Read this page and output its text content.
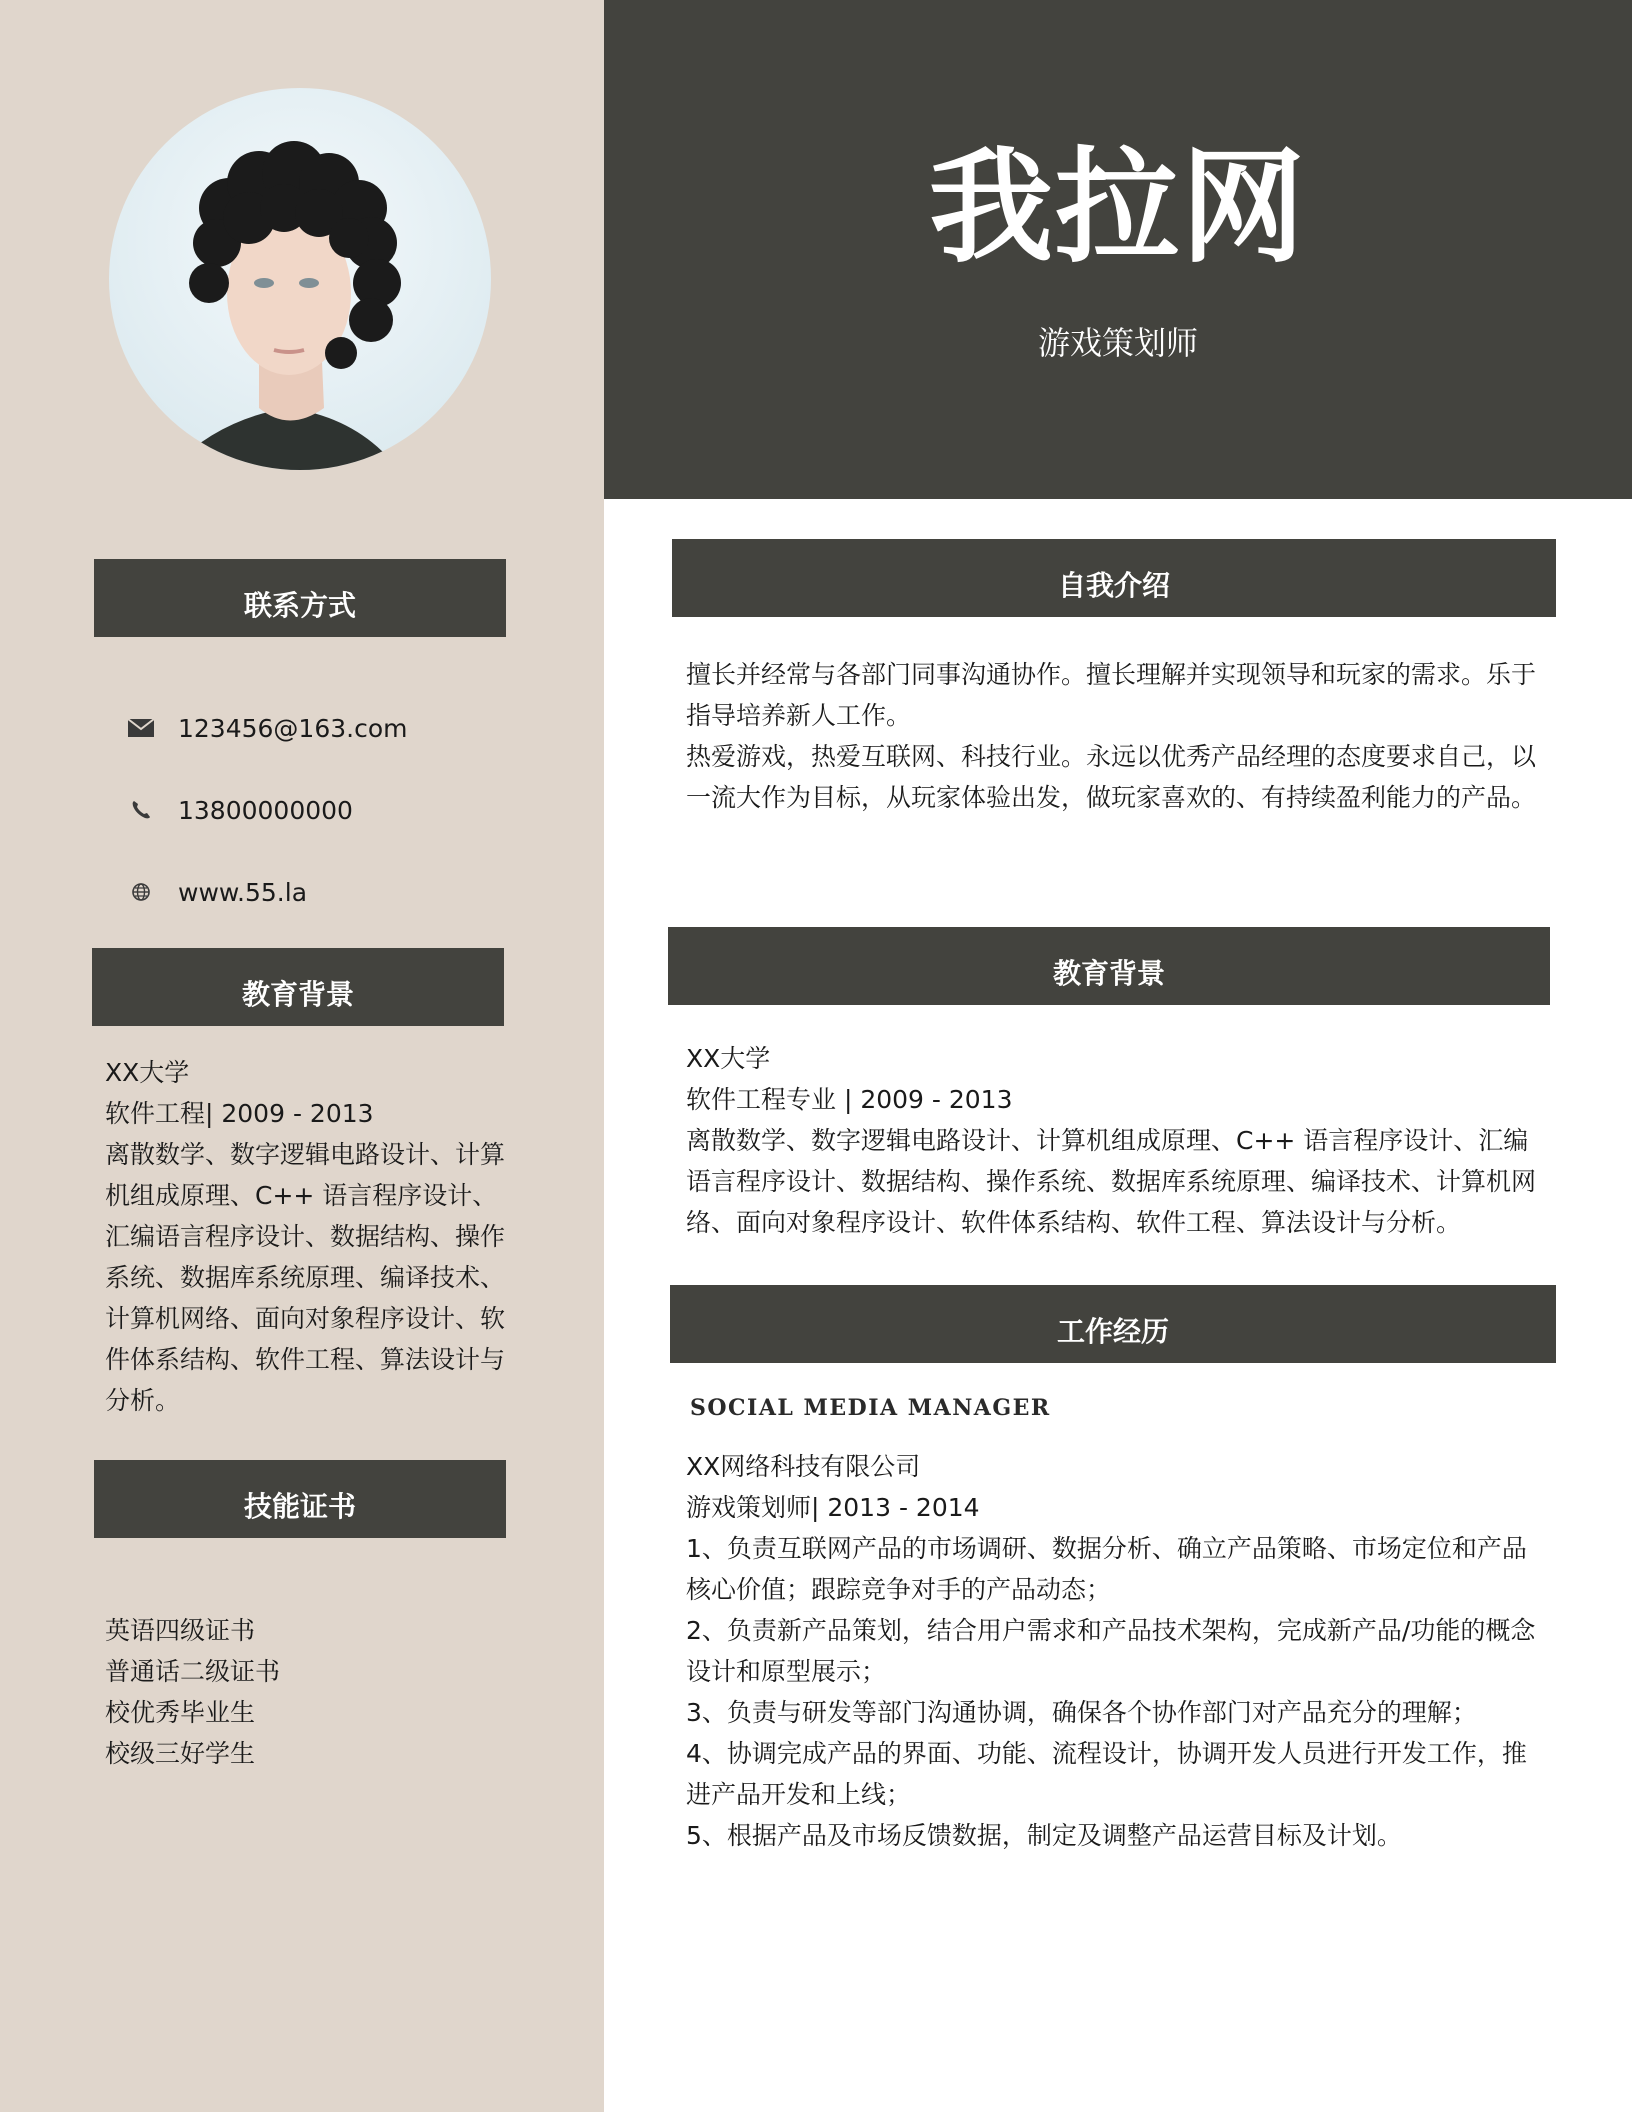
我拉网
游戏策划师
联系方式
123456@163.com
13800000000
www.55.la
教育背景

XX大学

软件工程| 2009 - 2013

离散数学、数字逻辑电路设计、计算

机组成原理、C++ 语言程序设计、

汇编语言程序设计、数据结构、操作

系统、数据库系统原理、编译技术、

计算机网络、面向对象程序设计、软

件体系结构、软件工程、算法设计与

分析。

技能证书

英语四级证书

普通话二级证书

校优秀毕业生

校级三好学生

自我介绍

擅长并经常与各部门同事沟通协作。擅长理解并实现领导和玩家的需求。乐于

指导培养新人工作。

热爱游戏，热爱互联网、科技行业。永远以优秀产品经理的态度要求自己，以

一流大作为目标，从玩家体验出发，做玩家喜欢的、有持续盈利能力的产品。

教育背景

XX大学

软件工程专业 | 2009 - 2013

离散数学、数字逻辑电路设计、计算机组成原理、C++ 语言程序设计、汇编

语言程序设计、数据结构、操作系统、数据库系统原理、编译技术、计算机网

络、面向对象程序设计、软件体系结构、软件工程、算法设计与分析。

工作经历
SOCIAL MEDIA MANAGER

XX网络科技有限公司

游戏策划师| 2013 - 2014

1、负责互联网产品的市场调研、数据分析、确立产品策略、市场定位和产品

核心价值；跟踪竞争对手的产品动态；

2、负责新产品策划，结合用户需求和产品技术架构，完成新产品/功能的概念

设计和原型展示；

3、负责与研发等部门沟通协调，确保各个协作部门对产品充分的理解；

4、协调完成产品的界面、功能、流程设计，协调开发人员进行开发工作，推

进产品开发和上线；

5、根据产品及市场反馈数据，制定及调整产品运营目标及计划。
